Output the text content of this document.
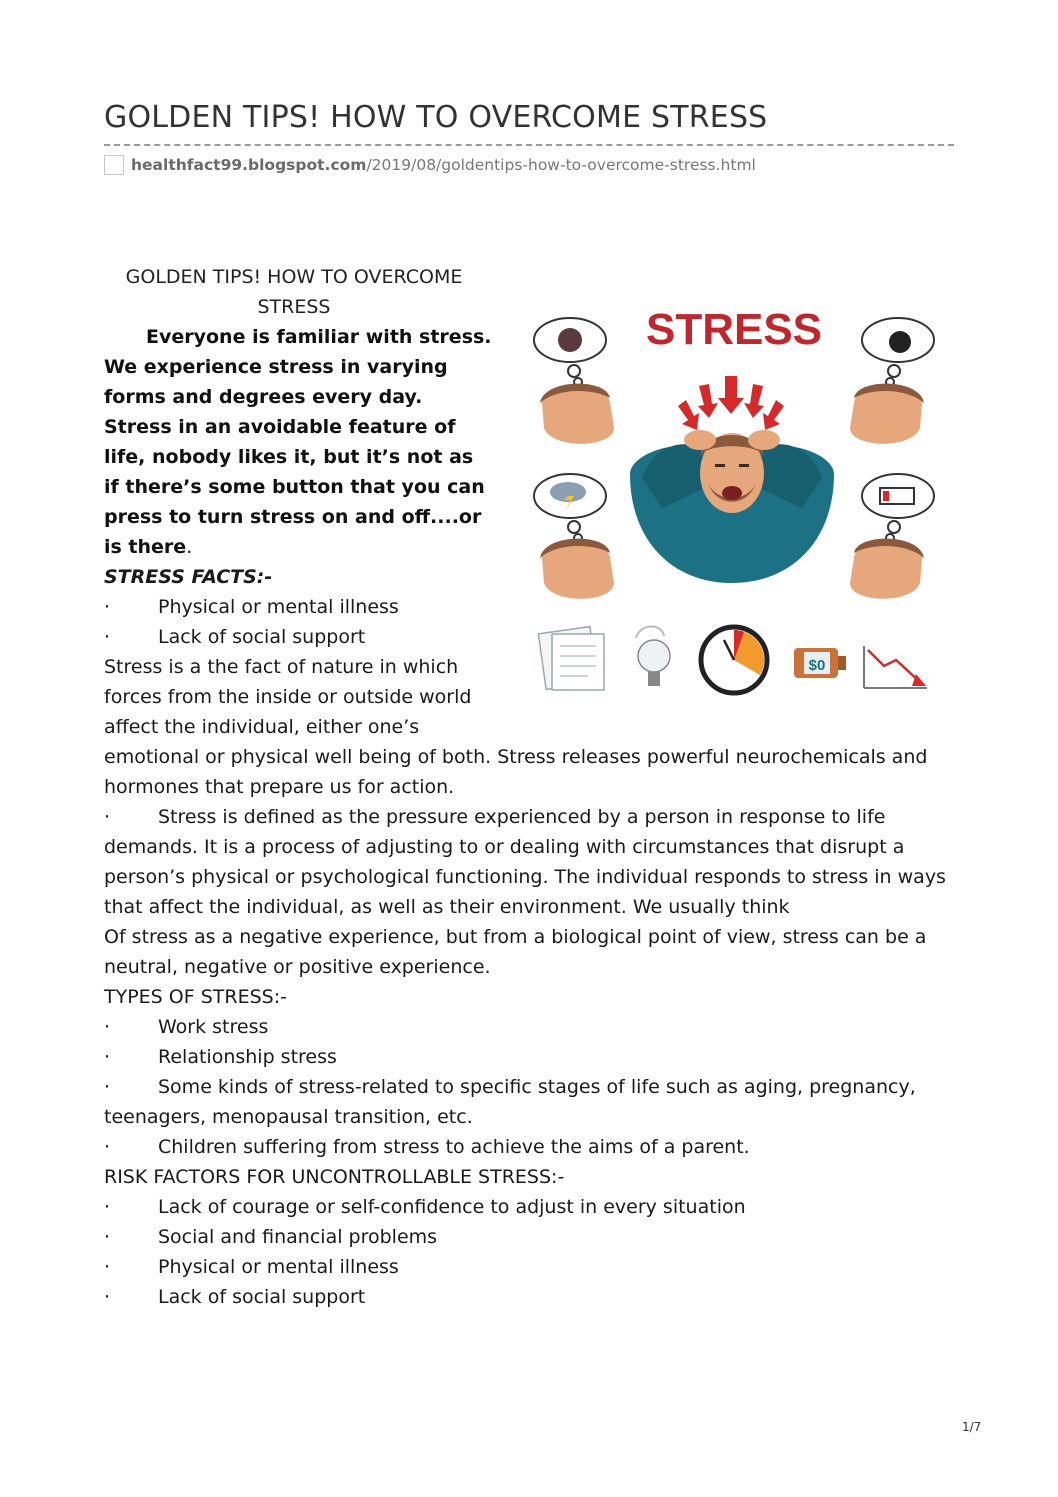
GOLDEN TIPS! HOW TO OVERCOME STRESS
healthfact99.blogspot.com/2019/08/goldentips-how-to-overcome-stress.html

GOLDEN TIPS! HOW TO OVERCOME STRESS

Everyone is familiar with stress. We experience stress in varying forms and degrees every day. Stress in an avoidable feature of life, nobody likes it, but it’s not as if there’s some button that you can press to turn stress on and off....or is there.

STRESS FACTS:-

·	Physical or mental illness
·	Lack of social support

Stress is a the fact of nature in which forces from the inside or outside world affect the individual, either one’s

emotional or physical well being of both. Stress releases powerful neurochemicals and hormones that prepare us for action.
·	Stress is defined as the pressure experienced by a person in response to life demands. It is a process of adjusting to or dealing with circumstances that disrupt a person’s physical or psychological functioning. The individual responds to stress in ways that affect the individual, as well as their environment. We usually think
Of stress as a negative experience, but from a biological point of view, stress can be a neutral, negative or positive experience.
TYPES OF STRESS:-
·	Work stress
·	Relationship stress
·	Some kinds of stress-related to specific stages of life such as aging, pregnancy,
teenagers, menopausal transition, etc.
·	Children suffering from stress to achieve the aims of a parent.
RISK FACTORS FOR UNCONTROLLABLE STRESS:-
·	Lack of courage or self-confidence to adjust in every situation
·	Social and financial problems
·	Physical or mental illness
·	Lack of social support
STRESS
$0
1/7
